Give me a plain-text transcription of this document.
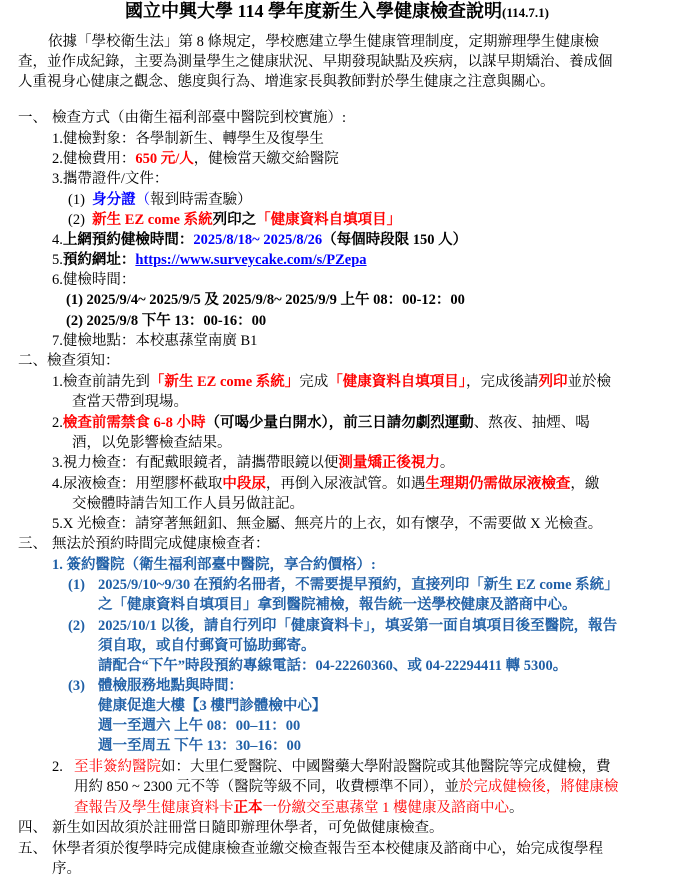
國立中興大學 114 學年度新生入學健康檢查說明(114.7.1)
依據「學校衛生法」第 8 條規定，學校應建立學生健康管理制度，定期辦理學生健康檢
查，並作成紀錄，主要為測量學生之健康狀況、早期發現缺點及疾病，以謀早期矯治、養成個
人重視身心健康之觀念、態度與行為、增進家長與教師對於學生健康之注意與關心。
一、 檢查方式（由衛生福利部臺中醫院到校實施）:
1.健檢對象：各學制新生、轉學生及復學生
2.健檢費用：650 元/人，健檢當天繳交給醫院
3.攜帶證件/文件：
(1) 身分證（報到時需查驗）
(2) 新生 EZ come 系統列印之「健康資料自填項目」
4.上網預約健檢時間：2025/8/18~ 2025/8/26（每個時段限 150 人）
5.預約網址：https://www.surveycake.com/s/PZepa
6.健檢時間：
(1) 2025/9/4~ 2025/9/5 及 2025/9/8~ 2025/9/9 上午 08：00-12：00
(2) 2025/9/8 下午 13：00-16：00
7.健檢地點：本校惠蓀堂南廣 B1
二、檢查須知：
1.檢查前請先到「新生 EZ come 系統」完成「健康資料自填項目」，完成後請列印並於檢
查當天帶到現場。
2.檢查前需禁食 6-8 小時（可喝少量白開水），前三日請勿劇烈運動、熬夜、抽煙、喝
酒，以免影響檢查結果。
3.視力檢查：有配戴眼鏡者，請攜帶眼鏡以便測量矯正後視力。
4.尿液檢查：用塑膠杯截取中段尿，再倒入尿液試管。如遇生理期仍需做尿液檢查，繳
交檢體時請告知工作人員另做註記。
5.X 光檢查：請穿著無鈕釦、無金屬、無亮片的上衣，如有懷孕，不需要做 X 光檢查。
三、 無法於預約時間完成健康檢查者：
1. 簽約醫院（衛生福利部臺中醫院，享合約價格）:
(1) 2025/9/10~9/30 在預約名冊者，不需要提早預約，直接列印「新生 EZ come 系統」
之「健康資料自填項目」拿到醫院補檢，報告統一送學校健康及諮商中心。
(2) 2025/10/1 以後，請自行列印「健康資料卡」，填妥第一面自填項目後至醫院，報告
須自取，或自付郵資可協助郵寄。
請配合“下午”時段預約專線電話：04-22260360、或 04-22294411 轉 5300。
(3) 體檢服務地點與時間：
健康促進大樓【3 樓門診體檢中心】
週一至週六 上午 08：00–11：00
週一至周五 下午 13：30–16：00
2. 至非簽約醫院如：大里仁愛醫院、中國醫藥大學附設醫院或其他醫院等完成健檢，費
用約 850 ~ 2300 元不等（醫院等級不同，收費標準不同），並於完成健檢後，將健康檢
查報告及學生健康資料卡正本一份繳交至惠蓀堂 1 樓健康及諮商中心。
四、 新生如因故須於註冊當日隨即辦理休學者，可免做健康檢查。
五、 休學者須於復學時完成健康檢查並繳交檢查報告至本校健康及諮商中心，始完成復學程
序。
